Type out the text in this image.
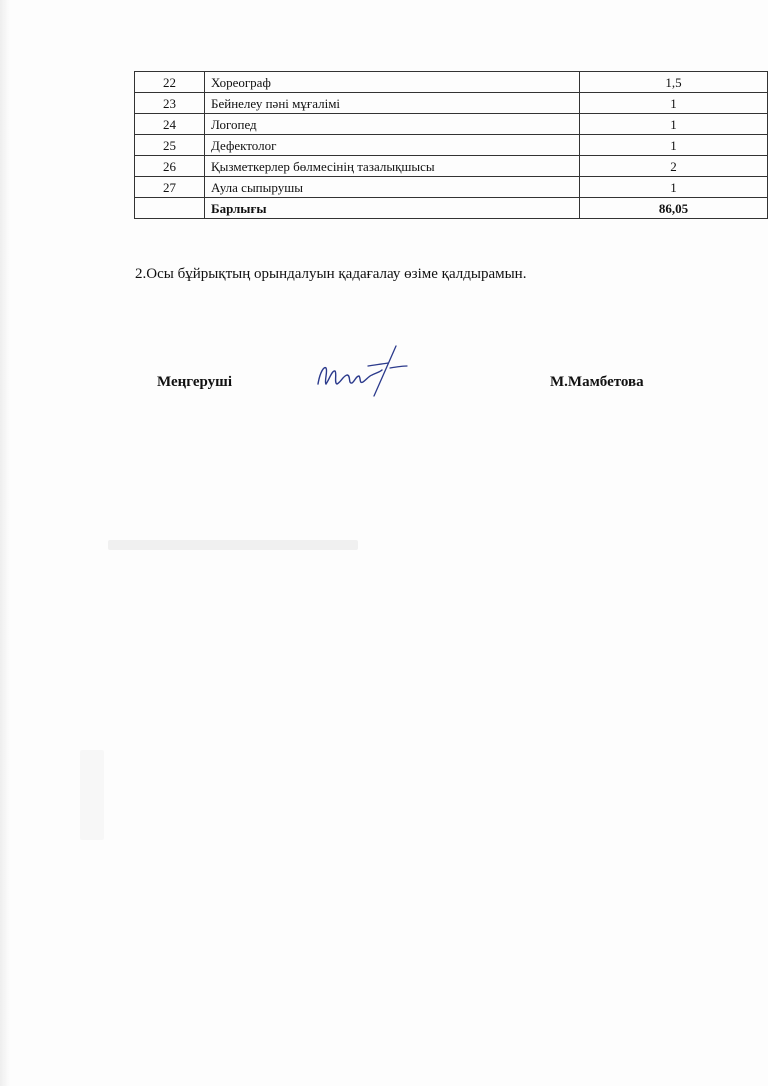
22	Хореограф	1,5
23	Бейнелеу пәні мұғалімі	1
24	Логопед	1
25	Дефектолог	1
26	Қызметкерлер бөлмесінің тазалықшысы	2
27	Аула сыпырушы	1
	Барлығы	86,05
2.Осы бұйрықтың орындалуын қадағалау өзіме қалдырамын.
Меңгеруші	М.Мамбетова
